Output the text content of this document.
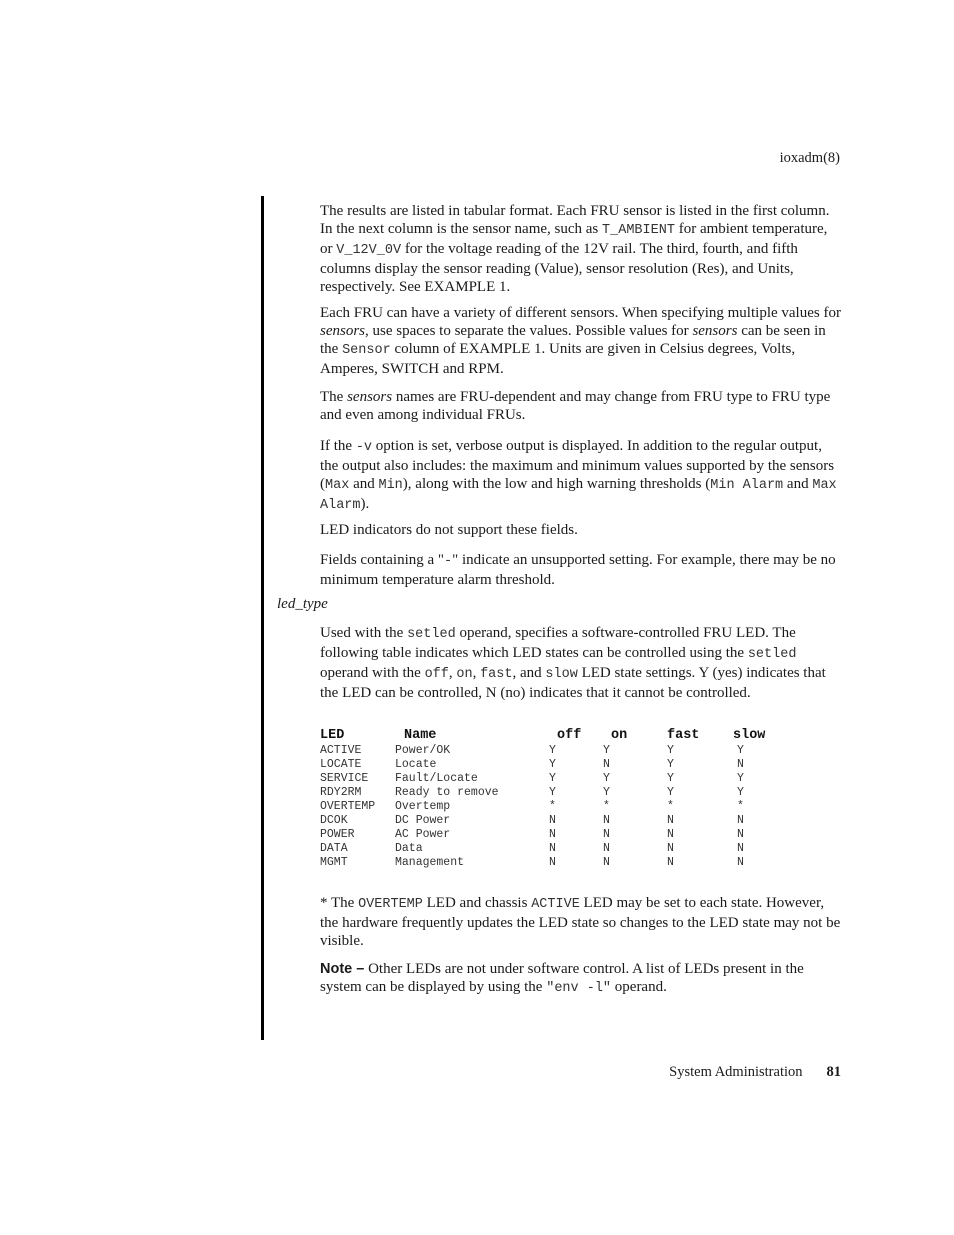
ioxadm(8)

The results are listed in tabular format. Each FRU sensor is listed in the first column. In the next column is the sensor name, such as T_AMBIENT for ambient temperature, or V_12V_0V for the voltage reading of the 12V rail. The third, fourth, and fifth columns display the sensor reading (Value), sensor resolution (Res), and Units, respectively. See EXAMPLE 1.

Each FRU can have a variety of different sensors. When specifying multiple values for sensors, use spaces to separate the values. Possible values for sensors can be seen in the Sensor column of EXAMPLE 1. Units are given in Celsius degrees, Volts, Amperes, SWITCH and RPM.

The sensors names are FRU-dependent and may change from FRU type to FRU type and even among individual FRUs.

If the -v option is set, verbose output is displayed. In addition to the regular output, the output also includes: the maximum and minimum values supported by the sensors (Max and Min), along with the low and high warning thresholds (Min Alarm and Max Alarm).

LED indicators do not support these fields.

Fields containing a "-" indicate an unsupported setting. For example, there may be no minimum temperature alarm threshold.

led_type

Used with the setled operand, specifies a software-controlled FRU LED. The following table indicates which LED states can be controlled using the setled operand with the off, on, fast, and slow LED state settings. Y (yes) indicates that the LED can be controlled, N (no) indicates that it cannot be controlled.

LED	Name	off	on	fast	slow
ACTIVE	Power/OK	Y	Y	Y	Y
LOCATE	Locate	Y	N	Y	N
SERVICE	Fault/Locate	Y	Y	Y	Y
RDY2RM	Ready to remove	Y	Y	Y	Y
OVERTEMP	Overtemp	*	*	*	*
DCOK	DC Power	N	N	N	N
POWER	AC Power	N	N	N	N
DATA	Data	N	N	N	N
MGMT	Management	N	N	N	N

* The OVERTEMP LED and chassis ACTIVE LED may be set to each state. However, the hardware frequently updates the LED state so changes to the LED state may not be visible.

Note – Other LEDs are not under software control. A list of LEDs present in the system can be displayed by using the "env -l" operand.

System Administration 81
